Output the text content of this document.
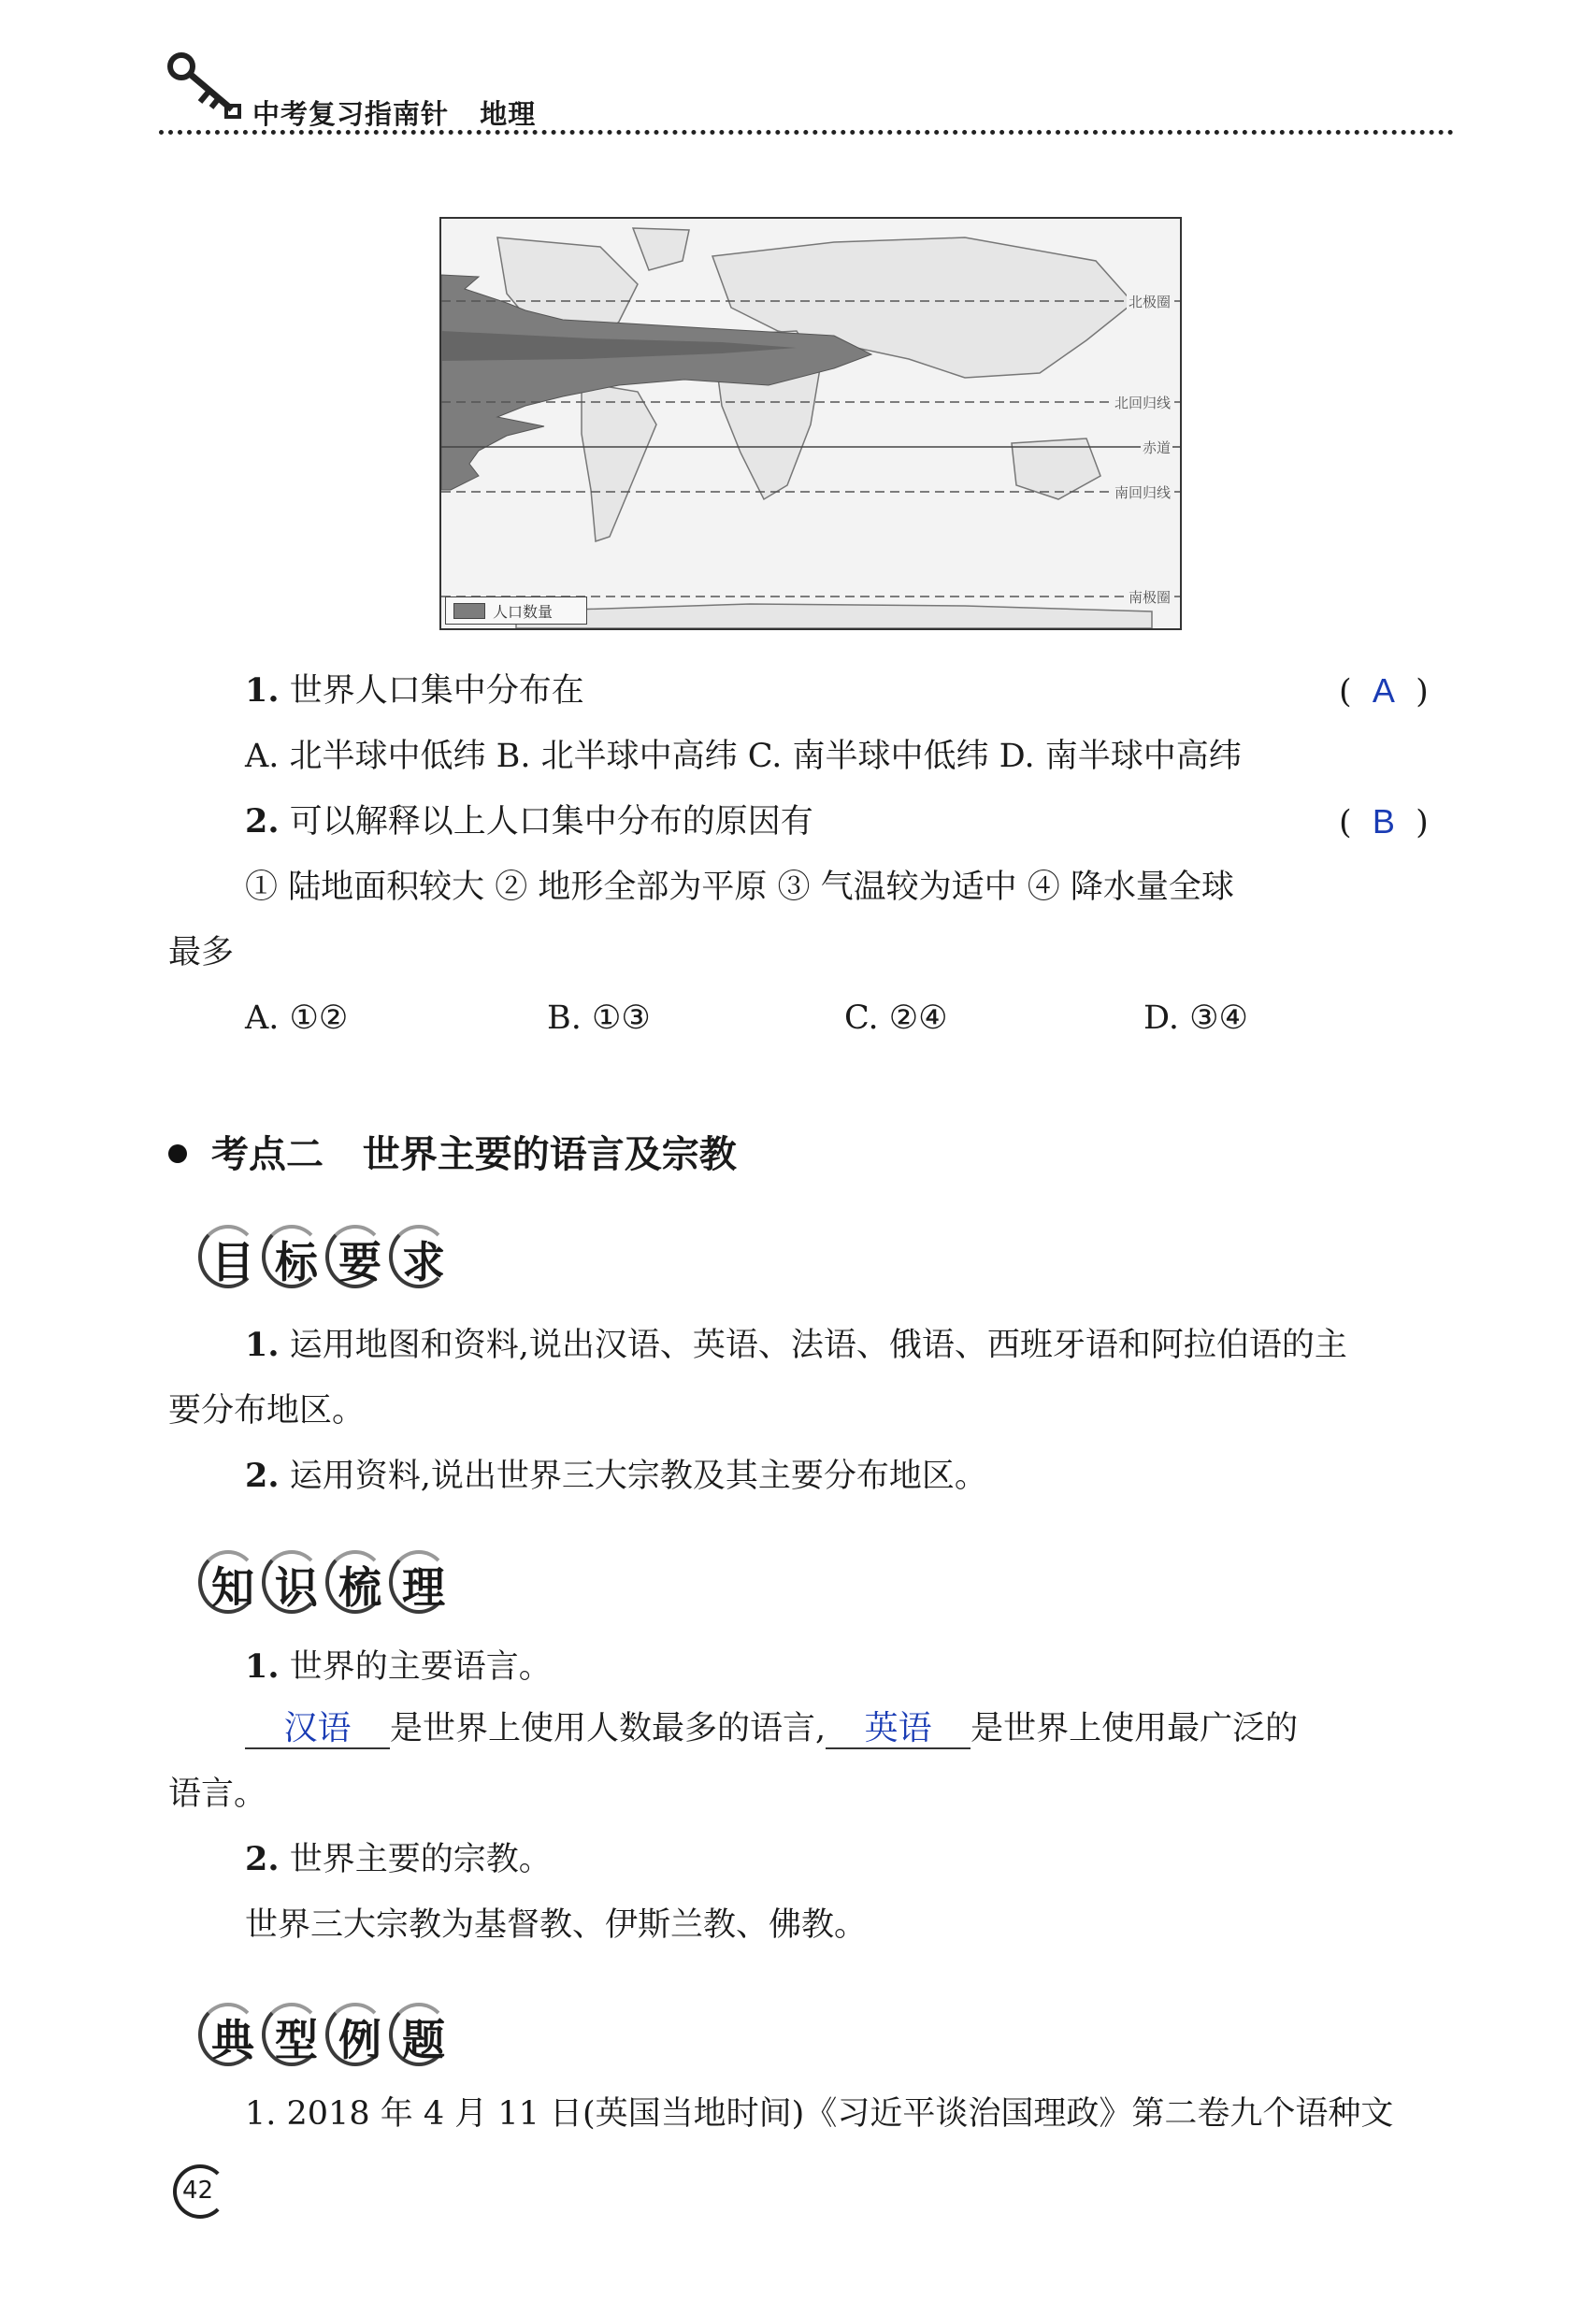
中考复习指南针   地理
北极圈
北回归线
赤道
南回归线
南极圈
人口数量
1. 世界人口集中分布在	(  A  )
A. 北半球中低纬 B. 北半球中高纬 C. 南半球中低纬 D. 南半球中高纬
2. 可以解释以上人口集中分布的原因有	(  B  )
① 陆地面积较大 ② 地形全部为平原 ③ 气温较为适中 ④ 降水量全球
最多
A. ①②	B. ①③	C. ②④	D. ③④
考点二   世界主要的语言及宗教
目 标 要 求
1. 运用地图和资料,说出汉语、英语、法语、俄语、西班牙语和阿拉伯语的主
要分布地区。
2. 运用资料,说出世界三大宗教及其主要分布地区。
知 识 梳 理
1. 世界的主要语言。
汉语 是世界上使用人数最多的语言, 英语 是世界上使用最广泛的
语言。
2. 世界主要的宗教。
世界三大宗教为基督教、伊斯兰教、佛教。
典 型 例 题
1. 2018 年 4 月 11 日(英国当地时间)《习近平谈治国理政》第二卷九个语种文
42
